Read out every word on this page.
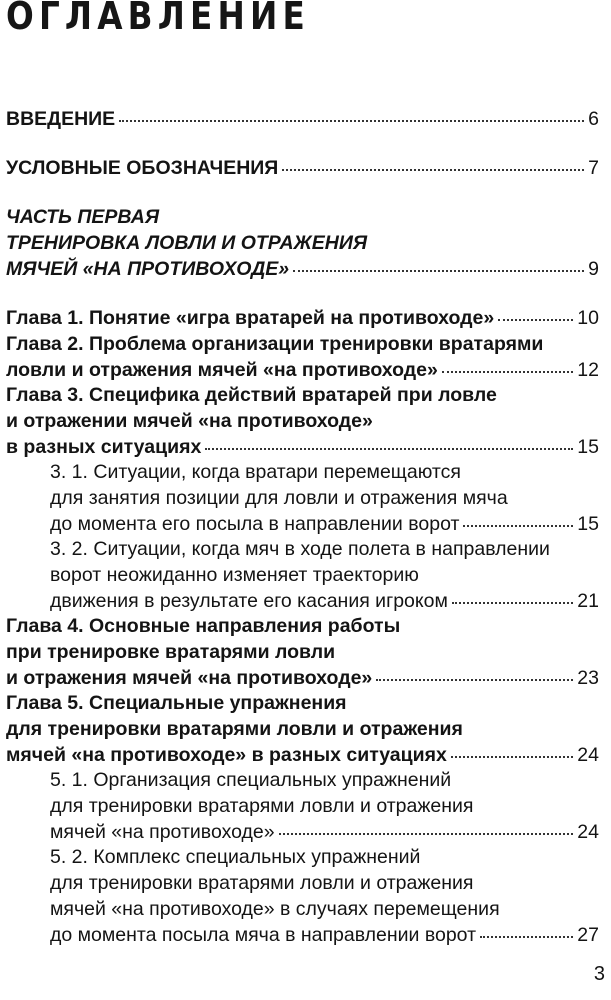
ОГЛАВЛЕНИЕ
ВВЕДЕНИЕ	6
УСЛОВНЫЕ ОБОЗНАЧЕНИЯ	7
ЧАСТЬ ПЕРВАЯ
ТРЕНИРОВКА ЛОВЛИ И ОТРАЖЕНИЯ
МЯЧЕЙ «НА ПРОТИВОХОДЕ»	9
Глава 1. Понятие «игра вратарей на противоходе»	10
Глава 2. Проблема организации тренировки вратарями
ловли и отражения мячей «на противоходе»	12
Глава 3. Специфика действий вратарей при ловле
и отражении мячей «на противоходе»
в разных ситуациях	15
3. 1. Ситуации, когда вратари перемещаются
для занятия позиции для ловли и отражения мяча
до момента его посыла в направлении ворот	15
3. 2. Ситуации, когда мяч в ходе полета в направлении
ворот неожиданно изменяет траекторию
движения в результате его касания игроком	21
Глава 4. Основные направления работы
при тренировке вратарями ловли
и отражения мячей «на противоходе»	23
Глава 5. Специальные упражнения
для тренировки вратарями ловли и отражения
мячей «на противоходе» в разных ситуациях	24
5. 1. Организация специальных упражнений
для тренировки вратарями ловли и отражения
мячей «на противоходе»	24
5. 2. Комплекс специальных упражнений
для тренировки вратарями ловли и отражения
мячей «на противоходе» в случаях перемещения
до момента посыла мяча в направлении ворот	27
3
